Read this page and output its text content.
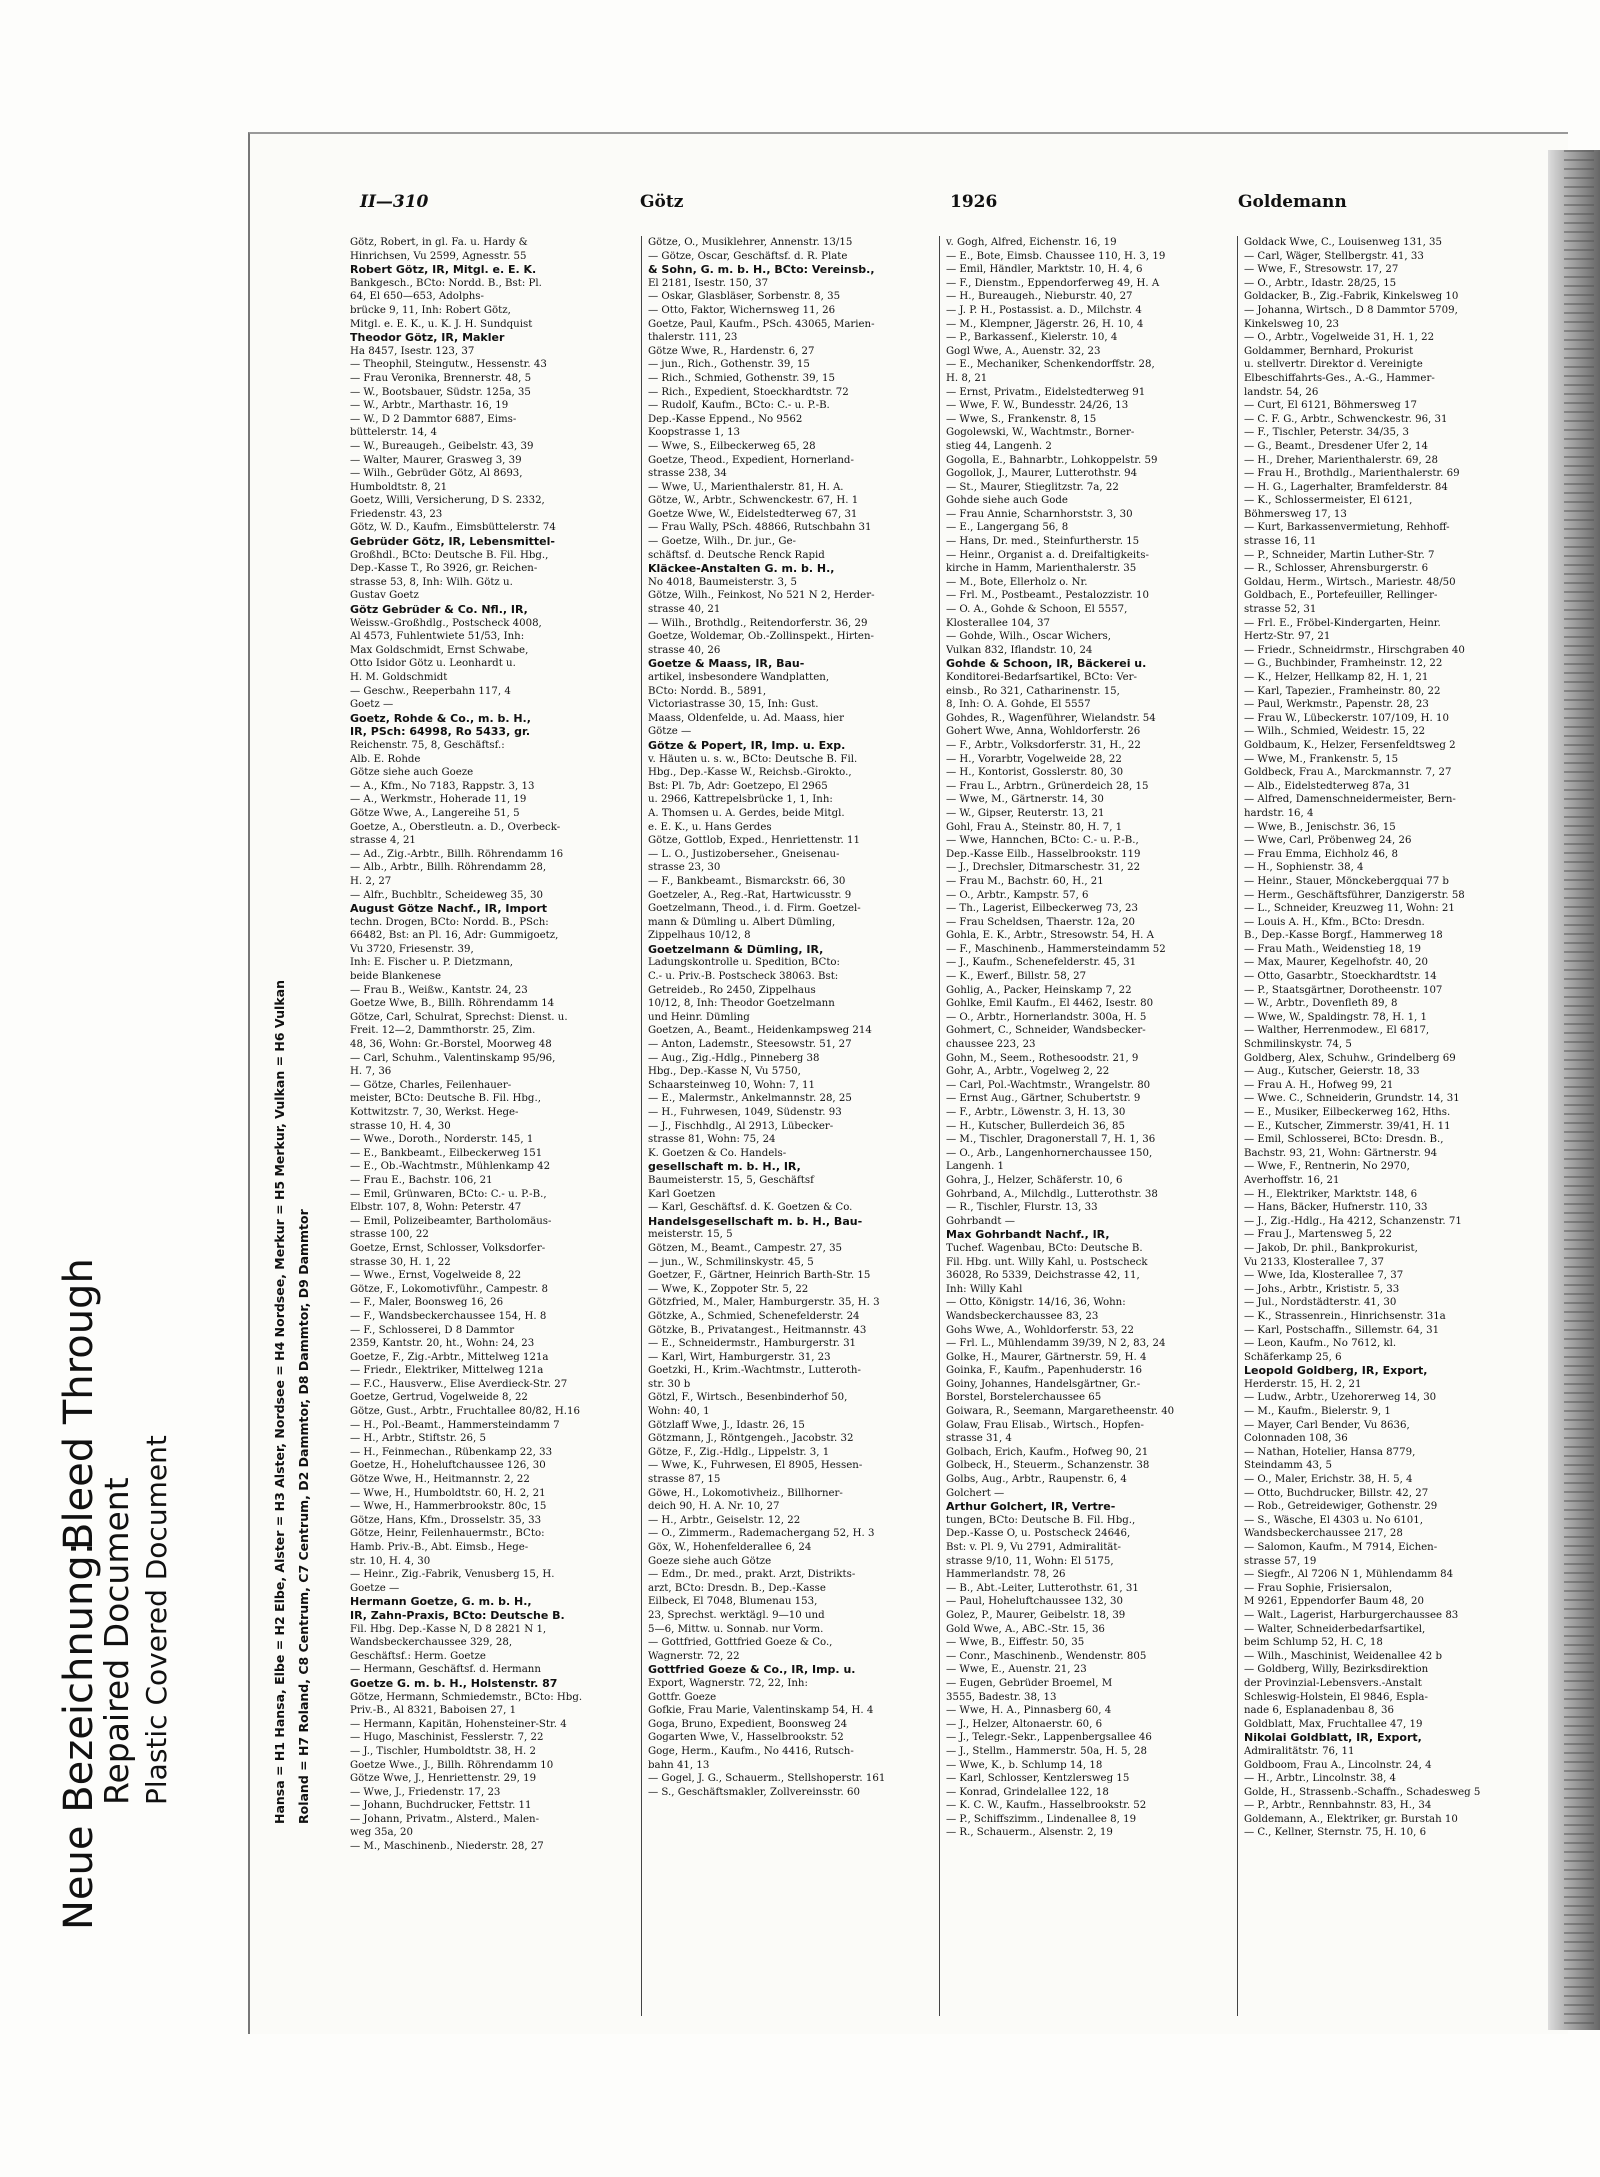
Neue Bezeichnung:
Bleed Through
Repaired Document Plastic Covered Document
II—310	Götz	1926	Goldemann
Hansa = H1 Hansa, Elbe = H2 Elbe, Alster = H3 Alster, Nordsee = H4 Nordsee, Merkur = H5 Merkur, Vulkan = H6 Vulkan Roland = H7 Roland, C8 Centrum, C7 Centrum, D2 Dammtor, D8 Dammtor, D9 Dammtor
Götz, Robert, in gl. Fa. u. Hardy &
Hinrichsen, Vu 2599, Agnesstr. 55
Robert Götz, IR, Mitgl. e. E. K.
Bankgesch., BCto: Nordd. B., Bst: Pl.
64, El 650—653, Adolphs-
brücke 9, 11, Inh: Robert Götz,
Mitgl. e. E. K., u. K. J. H. Sundquist
Theodor Götz, IR, Makler
Ha 8457, Isestr. 123, 37
— Theophil, Steingutw., Hessenstr. 43
— Frau Veronika, Brennerstr. 48, 5
— W., Bootsbauer, Südstr. 125a, 35
— W., Arbtr., Marthastr. 16, 19
— W., D 2 Dammtor 6887, Eims-
büttelerstr. 14, 4
— W., Bureaugeh., Geibelstr. 43, 39
— Walter, Maurer, Grasweg 3, 39
— Wilh., Gebrüder Götz, Al 8693,
Humboldtstr. 8, 21
Goetz, Willi, Versicherung, D S. 2332,
Friedenstr. 43, 23
Götz, W. D., Kaufm., Eimsbüttelerstr. 74
Gebrüder Götz, IR, Lebensmittel-
Großhdl., BCto: Deutsche B. Fil. Hbg.,
Dep.-Kasse T., Ro 3926, gr. Reichen-
strasse 53, 8, Inh: Wilh. Götz u.
Gustav Goetz
Götz Gebrüder & Co. Nfl., IR,
Weissw.-Großhdlg., Postscheck 4008,
Al 4573, Fuhlentwiete 51/53, Inh:
Max Goldschmidt, Ernst Schwabe,
Otto Isidor Götz u. Leonhardt u.
H. M. Goldschmidt
— Geschw., Reeperbahn 117, 4
Goetz —
Goetz, Rohde & Co., m. b. H.,
IR, PSch: 64998, Ro 5433, gr.
Reichenstr. 75, 8, Geschäftsf.:
Alb. E. Rohde
Götze siehe auch Goeze
— A., Kfm., No 7183, Rappstr. 3, 13
— A., Werkmstr., Hoherade 11, 19
Götze Wwe, A., Langereihe 51, 5
Goetze, A., Oberstleutn. a. D., Overbeck-
strasse 4, 21
— Ad., Zig.-Arbtr., Billh. Röhrendamm 16
— Alb., Arbtr., Billh. Röhrendamm 28,
H. 2, 27
— Alfr., Buchbltr., Scheideweg 35, 30
August Götze Nachf., IR, Import
techn. Drogen, BCto: Nordd. B., PSch:
66482, Bst: an Pl. 16, Adr: Gummigoetz,
Vu 3720, Friesenstr. 39,
Inh: E. Fischer u. P. Dietzmann,
beide Blankenese
— Frau B., Weißw., Kantstr. 24, 23
Goetze Wwe, B., Billh. Röhrendamm 14
Götze, Carl, Schulrat, Sprechst: Dienst. u.
Freit. 12—2, Dammthorstr. 25, Zim.
48, 36, Wohn: Gr.-Borstel, Moorweg 48
— Carl, Schuhm., Valentinskamp 95/96,
H. 7, 36
— Götze, Charles, Feilenhauer-
meister, BCto: Deutsche B. Fil. Hbg.,
Kottwitzstr. 7, 30, Werkst. Hege-
strasse 10, H. 4, 30
— Wwe., Doroth., Norderstr. 145, 1
— E., Bankbeamt., Eilbeckerweg 151
— E., Ob.-Wachtmstr., Mühlenkamp 42
— Frau E., Bachstr. 106, 21
— Emil, Grünwaren, BCto: C.- u. P.-B.,
Elbstr. 107, 8, Wohn: Peterstr. 47
— Emil, Polizeibeamter, Bartholomäus-
strasse 100, 22
Goetze, Ernst, Schlosser, Volksdorfer-
strasse 30, H. 1, 22
— Wwe., Ernst, Vogelweide 8, 22
Götze, F., Lokomotivführ., Campestr. 8
— F., Maler, Boonsweg 16, 26
— F., Wandsbeckerchaussee 154, H. 8
— F., Schlosserei, D 8 Dammtor
2359, Kantstr. 20, ht., Wohn: 24, 23
Goetze, F., Zig.-Arbtr., Mittelweg 121a
— Friedr., Elektriker, Mittelweg 121a
— F.C., Hausverw., Elise Averdieck-Str. 27
Goetze, Gertrud, Vogelweide 8, 22
Götze, Gust., Arbtr., Fruchtallee 80/82, H.16
— H., Pol.-Beamt., Hammersteindamm 7
— H., Arbtr., Stiftstr. 26, 5
— H., Feinmechan., Rübenkamp 22, 33
Goetze, H., Hoheluftchaussee 126, 30
Götze Wwe, H., Heitmannstr. 2, 22
— Wwe, H., Humboldtstr. 60, H. 2, 21
— Wwe, H., Hammerbrookstr. 80c, 15
Götze, Hans, Kfm., Drosselstr. 35, 33
Götze, Heinr, Feilenhauermstr., BCto:
Hamb. Priv.-B., Abt. Eimsb., Hege-
str. 10, H. 4, 30
— Heinr., Zig.-Fabrik, Venusberg 15, H.
Goetze —
Hermann Goetze, G. m. b. H.,
IR, Zahn-Praxis, BCto: Deutsche B.
Fil. Hbg. Dep.-Kasse N, D 8 2821 N 1,
Wandsbeckerchaussee 329, 28,
Geschäftsf.: Herm. Goetze
— Hermann, Geschäftsf. d. Hermann
Goetze G. m. b. H., Holstenstr. 87
Götze, Hermann, Schmiedemstr., BCto: Hbg.
Priv.-B., Al 8321, Baboisen 27, 1
— Hermann, Kapitän, Hohensteiner-Str. 4
— Hugo, Maschinist, Fesslerstr. 7, 22
— J., Tischler, Humboldtstr. 38, H. 2
Goetze Wwe., J., Billh. Röhrendamm 10
Götze Wwe, J., Henriettenstr. 29, 19
— Wwe, J., Friedenstr. 17, 23
— Johann, Buchdrucker, Fettstr. 11
— Johann, Privatm., Alsterd., Malen-
weg 35a, 20
— M., Maschinenb., Niederstr. 28, 27
Götze, O., Musiklehrer, Annenstr. 13/15
— Götze, Oscar, Geschäftsf. d. R. Plate
& Sohn, G. m. b. H., BCto: Vereinsb.,
El 2181, Isestr. 150, 37
— Oskar, Glasbläser, Sorbenstr. 8, 35
— Otto, Faktor, Wichernsweg 11, 26
Goetze, Paul, Kaufm., PSch. 43065, Marien-
thalerstr. 111, 23
Götze Wwe, R., Hardenstr. 6, 27
— jun., Rich., Gothenstr. 39, 15
— Rich., Schmied, Gothenstr. 39, 15
— Rich., Expedient, Stoeckhardtstr. 72
— Rudolf, Kaufm., BCto: C.- u. P.-B.
Dep.-Kasse Eppend., No 9562
Koopstrasse 1, 13
— Wwe, S., Eilbeckerweg 65, 28
Goetze, Theod., Expedient, Hornerland-
strasse 238, 34
— Wwe, U., Marienthalerstr. 81, H. A.
Götze, W., Arbtr., Schwenckestr. 67, H. 1
Goetze Wwe, W., Eidelstedterweg 67, 31
— Frau Wally, PSch. 48866, Rutschbahn 31
— Goetze, Wilh., Dr. jur., Ge-
schäftsf. d. Deutsche Renck Rapid
Kläckee-Anstalten G. m. b. H.,
No 4018, Baumeisterstr. 3, 5
Götze, Wilh., Feinkost, No 521 N 2, Herder-
strasse 40, 21
— Wilh., Brothdlg., Reitendorferstr. 36, 29
Goetze, Woldemar, Ob.-Zollinspekt., Hirten-
strasse 40, 26
Goetze & Maass, IR, Bau-
artikel, insbesondere Wandplatten,
BCto: Nordd. B., 5891,
Victoriastrasse 30, 15, Inh: Gust.
Maass, Oldenfelde, u. Ad. Maass, hier
Götze —
Götze & Popert, IR, Imp. u. Exp.
v. Häuten u. s. w., BCto: Deutsche B. Fil.
Hbg., Dep.-Kasse W., Reichsb.-Girokto.,
Bst: Pl. 7b, Adr: Goetzepo, El 2965
u. 2966, Kattrepelsbrücke 1, 1, Inh:
A. Thomsen u. A. Gerdes, beide Mitgl.
e. E. K., u. Hans Gerdes
Götze, Gottlob, Exped., Henriettenstr. 11
— L. O., Justizoberseher., Gneisenau-
strasse 23, 30
— F., Bankbeamt., Bismarckstr. 66, 30
Goetzeler, A., Reg.-Rat, Hartwicusstr. 9
Goetzelmann, Theod., i. d. Firm. Goetzel-
mann & Dümling u. Albert Dümling,
Zippelhaus 10/12, 8
Goetzelmann & Dümling, IR,
Ladungskontrolle u. Spedition, BCto:
C.- u. Priv.-B. Postscheck 38063. Bst:
Getreideb., Ro 2450, Zippelhaus
10/12, 8, Inh: Theodor Goetzelmann
und Heinr. Dümling
Goetzen, A., Beamt., Heidenkampsweg 214
— Anton, Lademstr., Steesowstr. 51, 27
— Aug., Zig.-Hdlg., Pinneberg 38
Hbg., Dep.-Kasse N, Vu 5750,
Schaarsteinweg 10, Wohn: 7, 11
— E., Malermstr., Ankelmannstr. 28, 25
— H., Fuhrwesen, 1049, Südenstr. 93
— J., Fischhdlg., Al 2913, Lübecker-
strasse 81, Wohn: 75, 24
K. Goetzen & Co. Handels-
gesellschaft m. b. H., IR,
Baumeisterstr. 15, 5, Geschäftsf
Karl Goetzen
— Karl, Geschäftsf. d. K. Goetzen & Co.
Handelsgesellschaft m. b. H., Bau-
meisterstr. 15, 5
Götzen, M., Beamt., Campestr. 27, 35
— jun., W., Schmilinskystr. 45, 5
Goetzer, F., Gärtner, Heinrich Barth-Str. 15
— Wwe, K., Zoppoter Str. 5, 22
Götzfried, M., Maler, Hamburgerstr. 35, H. 3
Götzke, A., Schmied, Schenefelderstr. 24
Götzke, B., Privatangest., Heitmannstr. 43
— E., Schneidermstr., Hamburgerstr. 31
— Karl, Wirt, Hamburgerstr. 31, 23
Goetzki, H., Krim.-Wachtmstr., Lutteroth-
str. 30 b
Götzl, F., Wirtsch., Besenbinderhof 50,
Wohn: 40, 1
Götzlaff Wwe, J., Idastr. 26, 15
Götzmann, J., Röntgengeh., Jacobstr. 32
Götze, F., Zig.-Hdlg., Lippelstr. 3, 1
— Wwe, K., Fuhrwesen, El 8905, Hessen-
strasse 87, 15
Göwe, H., Lokomotivheiz., Billhorner-
deich 90, H. A. Nr. 10, 27
— H., Arbtr., Geiselstr. 12, 22
— O., Zimmerm., Rademachergang 52, H. 3
Göx, W., Hohenfelderallee 6, 24
Goeze siehe auch Götze
— Edm., Dr. med., prakt. Arzt, Distrikts-
arzt, BCto: Dresdn. B., Dep.-Kasse
Eilbeck, El 7048, Blumenau 153,
23, Sprechst. werktägl. 9—10 und
5—6, Mittw. u. Sonnab. nur Vorm.
— Gottfried, Gottfried Goeze & Co.,
Wagnerstr. 72, 22
Gottfried Goeze & Co., IR, Imp. u.
Export, Wagnerstr. 72, 22, Inh:
Gottfr. Goeze
Gofkie, Frau Marie, Valentinskamp 54, H. 4
Goga, Bruno, Expedient, Boonsweg 24
Gogarten Wwe, V., Hasselbrookstr. 52
Goge, Herm., Kaufm., No 4416, Rutsch-
bahn 41, 13
— Gogel, J. G., Schauerm., Stellshoperstr. 161
— S., Geschäftsmakler, Zollvereinsstr. 60
v. Gogh, Alfred, Eichenstr. 16, 19
— E., Bote, Eimsb. Chaussee 110, H. 3, 19
— Emil, Händler, Marktstr. 10, H. 4, 6
— F., Dienstm., Eppendorferweg 49, H. A
— H., Bureaugeh., Nieburstr. 40, 27
— J. P. H., Postassist. a. D., Milchstr. 4
— M., Klempner, Jägerstr. 26, H. 10, 4
— P., Barkassenf., Kielerstr. 10, 4
Gogl Wwe, A., Auenstr. 32, 23
— E., Mechaniker, Schenkendorffstr. 28,
H. 8, 21
— Ernst, Privatm., Eidelstedterweg 91
— Wwe, F. W., Bundesstr. 24/26, 13
— Wwe, S., Frankenstr. 8, 15
Gogolewski, W., Wachtmstr., Borner-
stieg 44, Langenh. 2
Gogolla, E., Bahnarbtr., Lohkoppelstr. 59
Gogollok, J., Maurer, Lutterothstr. 94
— St., Maurer, Stieglitzstr. 7a, 22
Gohde siehe auch Gode
— Frau Annie, Scharnhorststr. 3, 30
— E., Langergang 56, 8
— Hans, Dr. med., Steinfurtherstr. 15
— Heinr., Organist a. d. Dreifaltigkeits-
kirche in Hamm, Marienthalerstr. 35
— M., Bote, Ellerholz o. Nr.
— Frl. M., Postbeamt., Pestalozzistr. 10
— O. A., Gohde & Schoon, El 5557,
Klosterallee 104, 37
— Gohde, Wilh., Oscar Wichers,
Vulkan 832, Iflandstr. 10, 24
Gohde & Schoon, IR, Bäckerei u.
Konditorei-Bedarfsartikel, BCto: Ver-
einsb., Ro 321, Catharinenstr. 15,
8, Inh: O. A. Gohde, El 5557
Gohdes, R., Wagenführer, Wielandstr. 54
Gohert Wwe, Anna, Wohldorferstr. 26
— F., Arbtr., Volksdorferstr. 31, H., 22
— H., Vorarbtr, Vogelweide 28, 22
— H., Kontorist, Gosslerstr. 80, 30
— Frau L., Arbtrn., Grünerdeich 28, 15
— Wwe, M., Gärtnerstr. 14, 30
— W., Gipser, Reuterstr. 13, 21
Gohl, Frau A., Steinstr. 80, H. 7, 1
— Wwe, Hannchen, BCto: C.- u. P.-B.,
Dep.-Kasse Eilb., Hasselbrookstr. 119
— J., Drechsler, Ditmarschestr. 31, 22
— Frau M., Bachstr. 60, H., 21
— O., Arbtr., Kampstr. 57, 6
— Th., Lagerist, Eilbeckerweg 73, 23
— Frau Scheldsen, Thaerstr. 12a, 20
Gohla, E. K., Arbtr., Stresowstr. 54, H. A
— F., Maschinenb., Hammersteindamm 52
— J., Kaufm., Schenefelderstr. 45, 31
— K., Ewerf., Billstr. 58, 27
Gohlig, A., Packer, Heinskamp 7, 22
Gohlke, Emil Kaufm., El 4462, Isestr. 80
— O., Arbtr., Hornerlandstr. 300a, H. 5
Gohmert, C., Schneider, Wandsbecker-
chaussee 223, 23
Gohn, M., Seem., Rothesoodstr. 21, 9
Gohr, A., Arbtr., Vogelweg 2, 22
— Carl, Pol.-Wachtmstr., Wrangelstr. 80
— Ernst Aug., Gärtner, Schubertstr. 9
— F., Arbtr., Löwenstr. 3, H. 13, 30
— H., Kutscher, Bullerdeich 36, 85
— M., Tischler, Dragonerstall 7, H. 1, 36
— O., Arb., Langenhornerchaussee 150,
Langenh. 1
Gohra, J., Helzer, Schäferstr. 10, 6
Gohrband, A., Milchdlg., Lutterothstr. 38
— R., Tischler, Flurstr. 13, 33
Gohrbandt —
Max Gohrbandt Nachf., IR,
Tuchef. Wagenbau, BCto: Deutsche B.
Fil. Hbg. unt. Willy Kahl, u. Postscheck
36028, Ro 5339, Deichstrasse 42, 11,
Inh: Willy Kahl
— Otto, Königstr. 14/16, 36, Wohn:
Wandsbeckerchaussee 83, 23
Gohs Wwe, A., Wohldorferstr. 53, 22
— Frl. L., Mühlendamm 39/39, N 2, 83, 24
Golke, H., Maurer, Gärtnerstr. 59, H. 4
Goinka, F., Kaufm., Papenhuderstr. 16
Goiny, Johannes, Handelsgärtner, Gr.-
Borstel, Borstelerchaussee 65
Goiwara, R., Seemann, Margaretheenstr. 40
Golaw, Frau Elisab., Wirtsch., Hopfen-
strasse 31, 4
Golbach, Erich, Kaufm., Hofweg 90, 21
Golbeck, H., Steuerm., Schanzenstr. 38
Golbs, Aug., Arbtr., Raupenstr. 6, 4
Golchert —
Arthur Golchert, IR, Vertre-
tungen, BCto: Deutsche B. Fil. Hbg.,
Dep.-Kasse O, u. Postscheck 24646,
Bst: v. Pl. 9, Vu 2791, Admiralität-
strasse 9/10, 11, Wohn: El 5175,
Hammerlandstr. 78, 26
— B., Abt.-Leiter, Lutterothstr. 61, 31
— Paul, Hoheluftchaussee 132, 30
Golez, P., Maurer, Geibelstr. 18, 39
Gold Wwe, A., ABC.-Str. 15, 36
— Wwe, B., Eiffestr. 50, 35
— Conr., Maschinenb., Wendenstr. 805
— Wwe, E., Auenstr. 21, 23
— Eugen, Gebrüder Broemel, M
3555, Badestr. 38, 13
— Wwe, H. A., Pinnasberg 60, 4
— J., Helzer, Altonaerstr. 60, 6
— J., Telegr.-Sekr., Lappenbergsallee 46
— J., Stellm., Hammerstr. 50a, H. 5, 28
— Wwe, K., b. Schlump 14, 18
— Karl, Schlosser, Kentzlersweg 15
— Konrad, Grindelallee 122, 18
— K. C. W., Kaufm., Hasselbrookstr. 52
— P., Schiffszimm., Lindenallee 8, 19
— R., Schauerm., Alsenstr. 2, 19
Goldack Wwe, C., Louisenweg 131, 35
— Carl, Wäger, Stellbergstr. 41, 33
— Wwe, F., Stresowstr. 17, 27
— O., Arbtr., Idastr. 28/25, 15
Goldacker, B., Zig.-Fabrik, Kinkelsweg 10
— Johanna, Wirtsch., D 8 Dammtor 5709,
Kinkelsweg 10, 23
— O., Arbtr., Vogelweide 31, H. 1, 22
Goldammer, Bernhard, Prokurist
u. stellvertr. Direktor d. Vereinigte
Elbeschiffahrts-Ges., A.-G., Hammer-
landstr. 54, 26
— Curt, El 6121, Böhmersweg 17
— C. F. G., Arbtr., Schwenckestr. 96, 31
— F., Tischler, Peterstr. 34/35, 3
— G., Beamt., Dresdener Ufer 2, 14
— H., Dreher, Marienthalerstr. 69, 28
— Frau H., Brothdlg., Marienthalerstr. 69
— H. G., Lagerhalter, Bramfelderstr. 84
— K., Schlossermeister, El 6121,
Böhmersweg 17, 13
— Kurt, Barkassenvermietung, Rehhoff-
strasse 16, 11
— P., Schneider, Martin Luther-Str. 7
— R., Schlosser, Ahrensburgerstr. 6
Goldau, Herm., Wirtsch., Mariestr. 48/50
Goldbach, E., Portefeuiller, Rellinger-
strasse 52, 31
— Frl. E., Fröbel-Kindergarten, Heinr.
Hertz-Str. 97, 21
— Friedr., Schneidrmstr., Hirschgraben 40
— G., Buchbinder, Framheinstr. 12, 22
— K., Helzer, Hellkamp 82, H. 1, 21
— Karl, Tapezier., Framheinstr. 80, 22
— Paul, Werkmstr., Papenstr. 28, 23
— Frau W., Lübeckerstr. 107/109, H. 10
— Wilh., Schmied, Weidestr. 15, 22
Goldbaum, K., Helzer, Fersenfeldtsweg 2
— Wwe, M., Frankenstr. 5, 15
Goldbeck, Frau A., Marckmannstr. 7, 27
— Alb., Eidelstedterweg 87a, 31
— Alfred, Damenschneidermeister, Bern-
hardstr. 16, 4
— Wwe, B., Jenischstr. 36, 15
— Wwe, Carl, Pröbenweg 24, 26
— Frau Emma, Eichholz 46, 8
— H., Sophienstr. 38, 4
— Heinr., Stauer, Mönckebergquai 77 b
— Herm., Geschäftsführer, Danzigerstr. 58
— L., Schneider, Kreuzweg 11, Wohn: 21
— Louis A. H., Kfm., BCto: Dresdn.
B., Dep.-Kasse Borgf., Hammerweg 18
— Frau Math., Weidenstieg 18, 19
— Max, Maurer, Kegelhofstr. 40, 20
— Otto, Gasarbtr., Stoeckhardtstr. 14
— P., Staatsgärtner, Dorotheenstr. 107
— W., Arbtr., Dovenfleth 89, 8
— Wwe, W., Spaldingstr. 78, H. 1, 1
— Walther, Herrenmodew., El 6817,
Schmilinskystr. 74, 5
Goldberg, Alex, Schuhw., Grindelberg 69
— Aug., Kutscher, Geierstr. 18, 33
— Frau A. H., Hofweg 99, 21
— Wwe. C., Schneiderin, Grundstr. 14, 31
— E., Musiker, Eilbeckerweg 162, Hths.
— E., Kutscher, Zimmerstr. 39/41, H. 11
— Emil, Schlosserei, BCto: Dresdn. B.,
Bachstr. 93, 21, Wohn: Gärtnerstr. 94
— Wwe, F., Rentnerin, No 2970,
Averhoffstr. 16, 21
— H., Elektriker, Marktstr. 148, 6
— Hans, Bäcker, Hufnerstr. 110, 33
— J., Zig.-Hdlg., Ha 4212, Schanzenstr. 71
— Frau J., Martensweg 5, 22
— Jakob, Dr. phil., Bankprokurist,
Vu 2133, Klosterallee 7, 37
— Wwe, Ida, Klosterallee 7, 37
— Johs., Arbtr., Krististr. 5, 33
— Jul., Nordstädterstr. 41, 30
— K., Strassenrein., Hinrichsenstr. 31a
— Karl, Postschaffn., Sillemstr. 64, 31
— Leon, Kaufm., No 7612, kl.
Schäferkamp 25, 6
Leopold Goldberg, IR, Export,
Herderstr. 15, H. 2, 21
— Ludw., Arbtr., Uzehorerweg 14, 30
— M., Kaufm., Bielerstr. 9, 1
— Mayer, Carl Bender, Vu 8636,
Colonnaden 108, 36
— Nathan, Hotelier, Hansa 8779,
Steindamm 43, 5
— O., Maler, Erichstr. 38, H. 5, 4
— Otto, Buchdrucker, Billstr. 42, 27
— Rob., Getreidewiger, Gothenstr. 29
— S., Wäsche, El 4303 u. No 6101,
Wandsbeckerchaussee 217, 28
— Salomon, Kaufm., M 7914, Eichen-
strasse 57, 19
— Siegfr., Al 7206 N 1, Mühlendamm 84
— Frau Sophie, Frisiersalon,
M 9261, Eppendorfer Baum 48, 20
— Walt., Lagerist, Harburgerchaussee 83
— Walter, Schneiderbedarfsartikel,
beim Schlump 52, H. C, 18
— Wilh., Maschinist, Weidenallee 42 b
— Goldberg, Willy, Bezirksdirektion
der Provinzial-Lebensvers.-Anstalt
Schleswig-Holstein, El 9846, Espla-
nade 6, Esplanadenbau 8, 36
Goldblatt, Max, Fruchtallee 47, 19
Nikolai Goldblatt, IR, Export,
Admiralitätstr. 76, 11
Goldboom, Frau A., Lincolnstr. 24, 4
— H., Arbtr., Lincolnstr. 38, 4
Golde, H., Strassenb.-Schaffn., Schadesweg 5
— P., Arbtr., Rennbahnstr. 83, H., 34
Goldemann, A., Elektriker, gr. Burstah 10
— C., Kellner, Sternstr. 75, H. 10, 6
